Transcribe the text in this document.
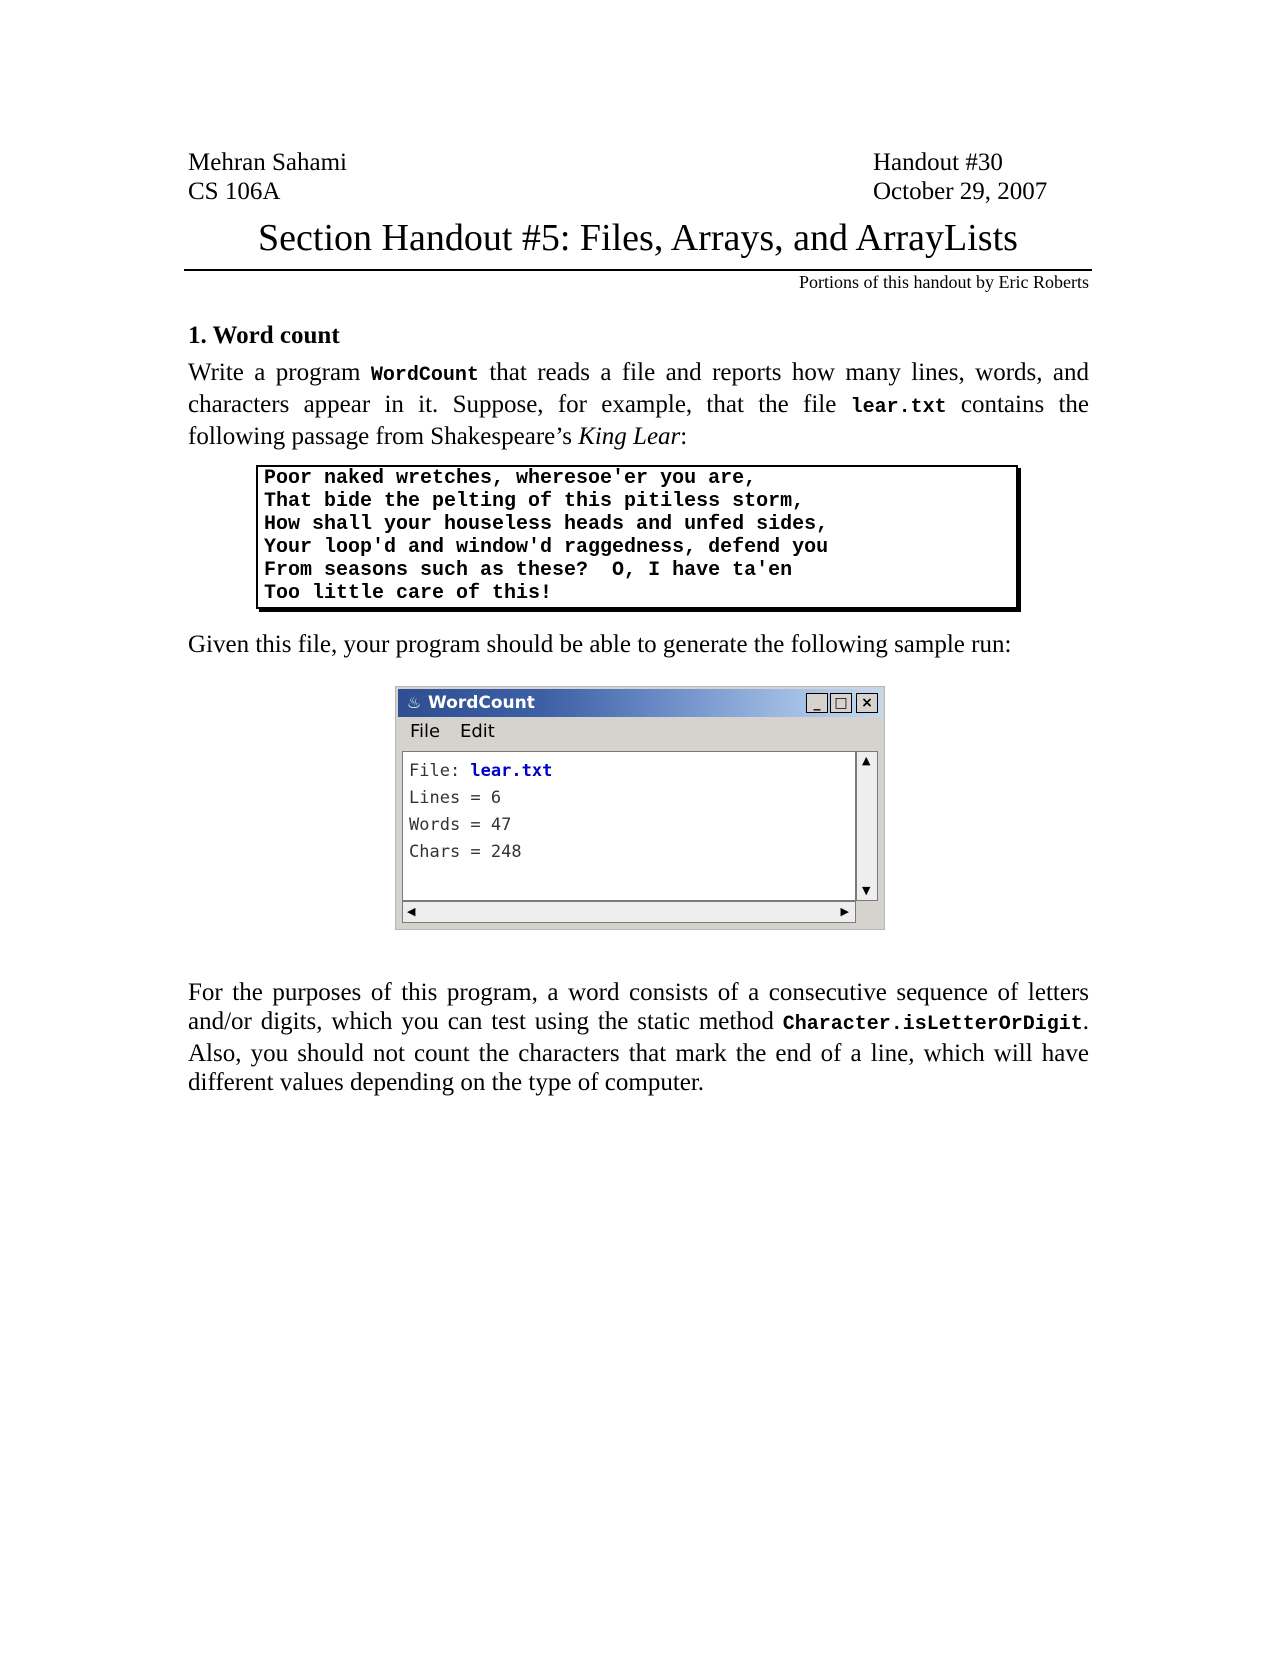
Mehran Sahami
CS 106A
Handout #30
October 29, 2007
Section Handout #5: Files, Arrays, and ArrayLists
Portions of this handout by Eric Roberts
1. Word count
Write a program WordCount that reads a file and reports how many lines, words, and characters appear in it. Suppose, for example, that the file lear.txt contains the following passage from Shakespeare’s King Lear:
Poor naked wretches, wheresoe'er you are,
That bide the pelting of this pitiless storm,
How shall your houseless heads and unfed sides,
Your loop'd and window'd raggedness, defend you
From seasons such as these?  O, I have ta'en
Too little care of this!
Given this file, your program should be able to generate the following sample run:
♨ WordCount	_ □ ×
File Edit
File: lear.txt
Lines = 6
Words = 47
Chars = 248
▲
▼
◀	▶
For the purposes of this program, a word consists of a consecutive sequence of letters and/or digits, which you can test using the static method Character.isLetterOrDigit. Also, you should not count the characters that mark the end of a line, which will have different values depending on the type of computer.
